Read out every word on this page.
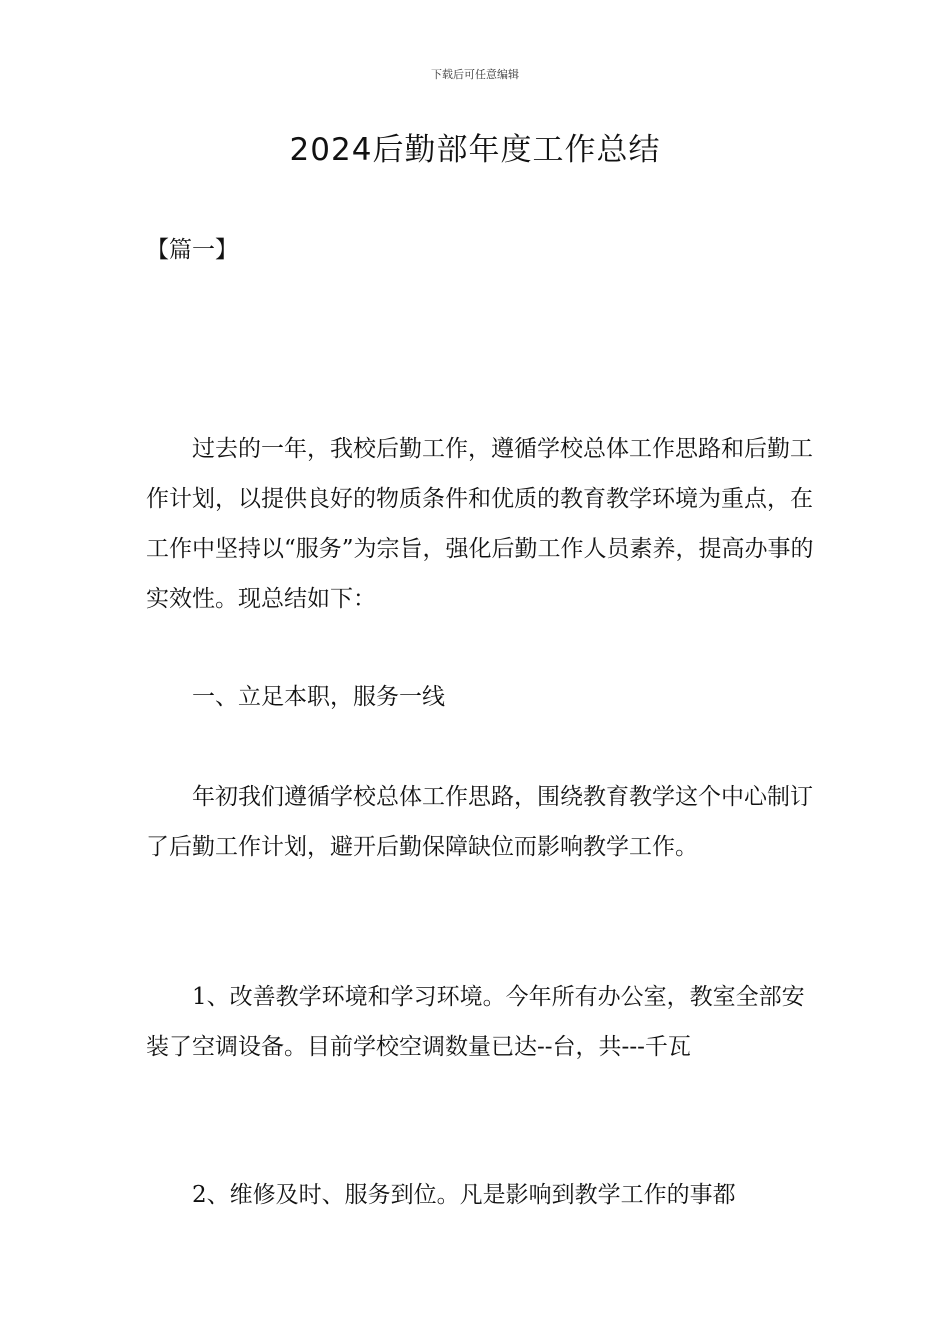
下载后可任意编辑
2024后勤部年度工作总结
【篇一】

过去的一年，我校后勤工作，遵循学校总体工作思路和后勤工作计划，以提供良好的物质条件和优质的教育教学环境为重点，在工作中坚持以“服务”为宗旨，强化后勤工作人员素养，提高办事的实效性。现总结如下：

一、立足本职，服务一线

年初我们遵循学校总体工作思路，围绕教育教学这个中心制订了后勤工作计划，避开后勤保障缺位而影响教学工作。

1、改善教学环境和学习环境。今年所有办公室，教室全部安装了空调设备。目前学校空调数量已达--台，共---千瓦

2、维修及时、服务到位。凡是影响到教学工作的事都
